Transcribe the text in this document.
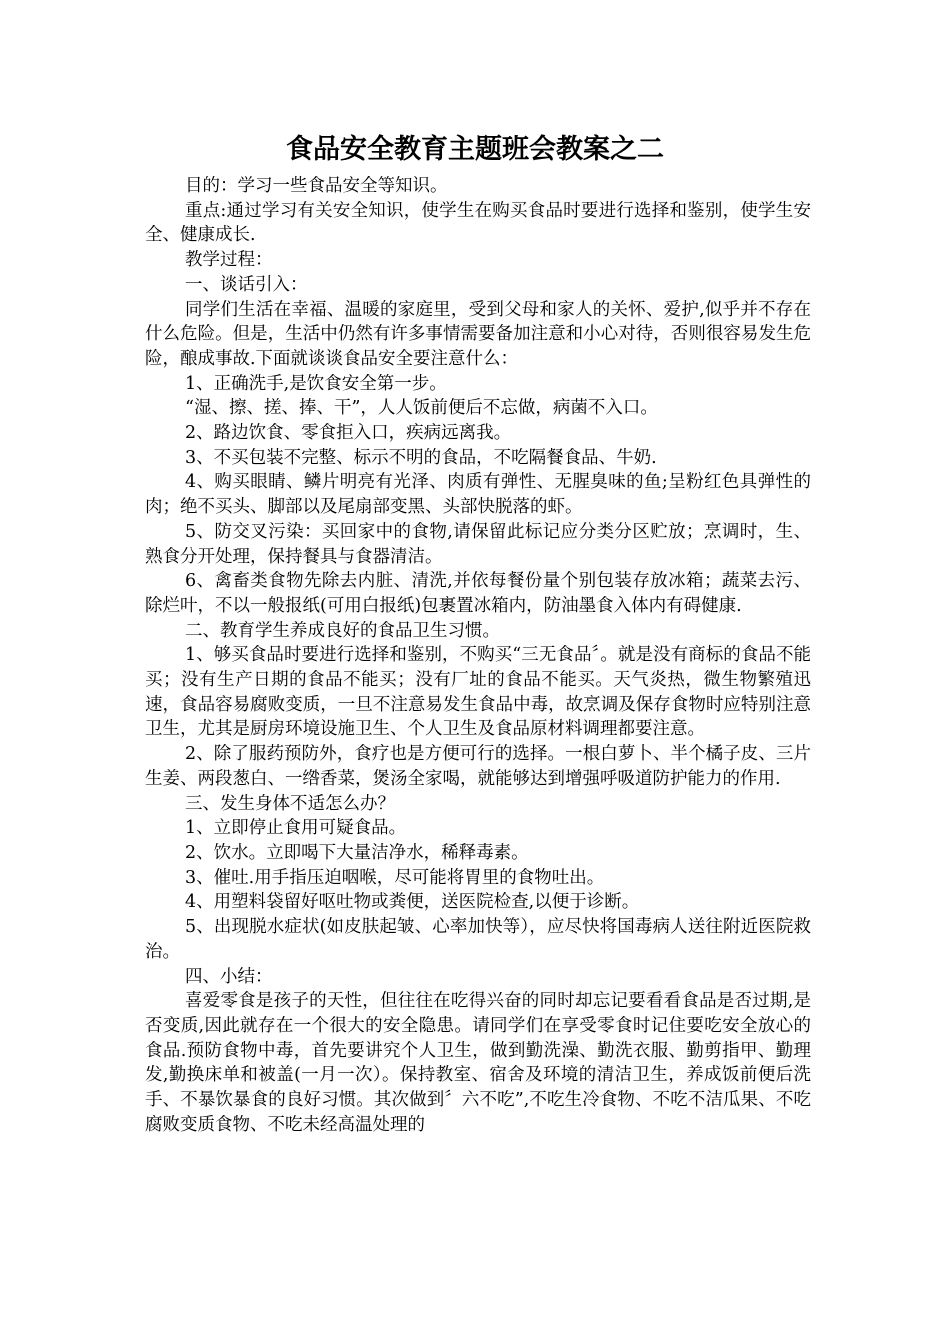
食品安全教育主题班会教案之二

目的：学习一些食品安全等知识。

重点:通过学习有关安全知识，使学生在购买食品时要进行选择和鉴别，使学生安全、健康成长.

教学过程：

一、谈话引入：

同学们生活在幸福、温暖的家庭里，受到父母和家人的关怀、爱护,似乎并不存在什么危险。但是，生活中仍然有许多事情需要备加注意和小心对待，否则很容易发生危险，酿成事故.下面就谈谈食品安全要注意什么：

1、正确洗手,是饮食安全第一步。

“湿、擦、搓、捧、干”，人人饭前便后不忘做，病菌不入口。

2、路边饮食、零食拒入口，疾病远离我。

3、不买包装不完整、标示不明的食品，不吃隔餐食品、牛奶.

4、购买眼睛、鳞片明亮有光泽、肉质有弹性、无腥臭味的鱼;呈粉红色具弹性的肉；绝不买头、脚部以及尾扇部变黑、头部快脱落的虾。

5、防交叉污染：买回家中的食物,请保留此标记应分类分区贮放；烹调时，生、熟食分开处理，保持餐具与食器清洁。

6、禽畜类食物先除去内脏、清洗,并依每餐份量个别包装存放冰箱；蔬菜去污、除烂叶，不以一般报纸(可用白报纸)包裹置冰箱内，防油墨食入体内有碍健康.

二、教育学生养成良好的食品卫生习惯。

1、够买食品时要进行选择和鉴别，不购买“三无食品〞。就是没有商标的食品不能买；没有生产日期的食品不能买；没有厂址的食品不能买。天气炎热，微生物繁殖迅速，食品容易腐败变质，一旦不注意易发生食品中毒，故烹调及保存食物时应特别注意卫生，尤其是厨房环境设施卫生、个人卫生及食品原材料调理都要注意。

2、除了服药预防外，食疗也是方便可行的选择。一根白萝卜、半个橘子皮、三片生姜、两段葱白、一绺香菜，煲汤全家喝，就能够达到增强呼吸道防护能力的作用.

三、发生身体不适怎么办？

1、立即停止食用可疑食品。

2、饮水。立即喝下大量洁净水，稀释毒素。

3、催吐.用手指压迫咽喉，尽可能将胃里的食物吐出。

4、用塑料袋留好呕吐物或粪便，送医院检查,以便于诊断。

5、出现脱水症状(如皮肤起皱、心率加快等），应尽快将国毒病人送往附近医院救治。

四、小结：

喜爱零食是孩子的天性，但往往在吃得兴奋的同时却忘记要看看食品是否过期,是否变质,因此就存在一个很大的安全隐患。请同学们在享受零食时记住要吃安全放心的食品.预防食物中毒，首先要讲究个人卫生，做到勤洗澡、勤洗衣服、勤剪指甲、勤理发,勤换床单和被盖(一月一次）。保持教室、宿舍及环境的清洁卫生，养成饭前便后洗手、不暴饮暴食的良好习惯。其次做到〞六不吃”,不吃生冷食物、不吃不洁瓜果、不吃腐败变质食物、不吃未经高温处理的
